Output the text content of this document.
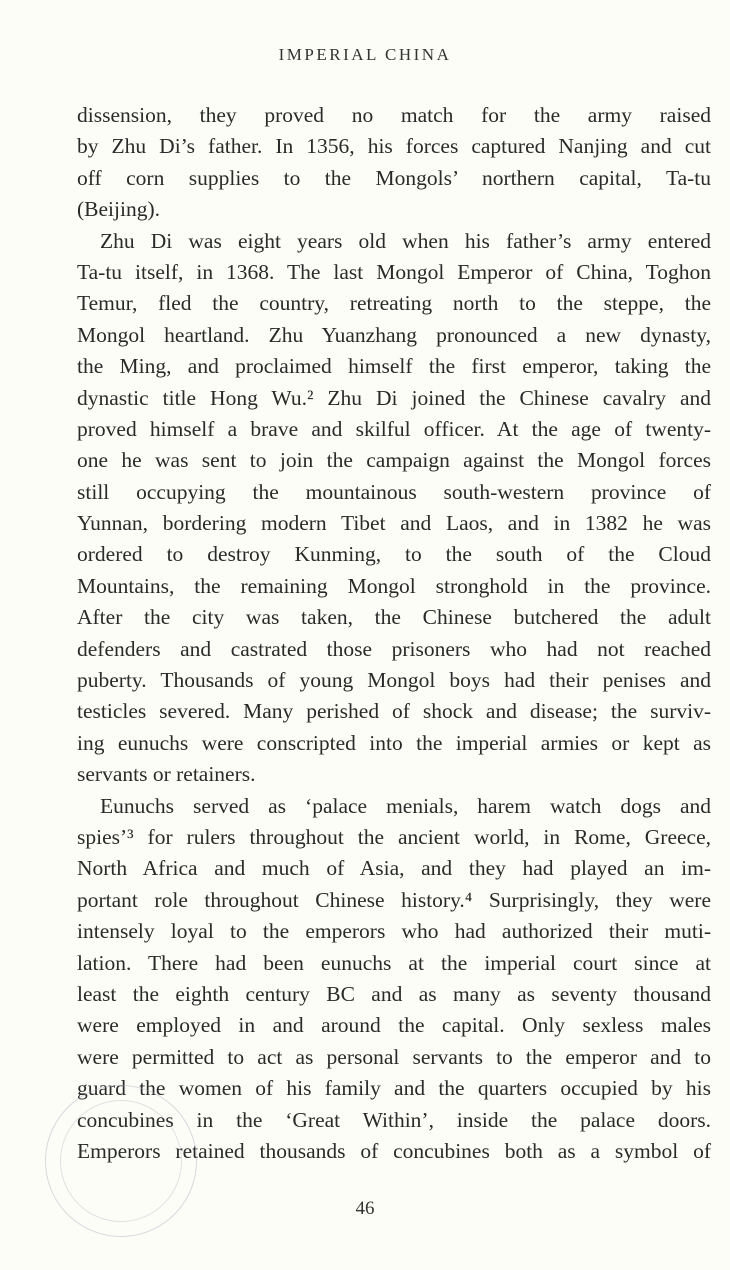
IMPERIAL CHINA
dissension, they proved no match for the army raised
by Zhu Di’s father. In 1356, his forces captured Nanjing and cut
off corn supplies to the Mongols’ northern capital, Ta-tu
(Beijing).
Zhu Di was eight years old when his father’s army entered
Ta-tu itself, in 1368. The last Mongol Emperor of China, Toghon
Temur, fled the country, retreating north to the steppe, the
Mongol heartland. Zhu Yuanzhang pronounced a new dynasty,
the Ming, and proclaimed himself the first emperor, taking the
dynastic title Hong Wu.² Zhu Di joined the Chinese cavalry and
proved himself a brave and skilful officer. At the age of twenty-
one he was sent to join the campaign against the Mongol forces
still occupying the mountainous south-western province of
Yunnan, bordering modern Tibet and Laos, and in 1382 he was
ordered to destroy Kunming, to the south of the Cloud
Mountains, the remaining Mongol stronghold in the province.
After the city was taken, the Chinese butchered the adult
defenders and castrated those prisoners who had not reached
puberty. Thousands of young Mongol boys had their penises and
testicles severed. Many perished of shock and disease; the surviv-
ing eunuchs were conscripted into the imperial armies or kept as
servants or retainers.
Eunuchs served as ‘palace menials, harem watch dogs and
spies’³ for rulers throughout the ancient world, in Rome, Greece,
North Africa and much of Asia, and they had played an im-
portant role throughout Chinese history.⁴ Surprisingly, they were
intensely loyal to the emperors who had authorized their muti-
lation. There had been eunuchs at the imperial court since at
least the eighth century BC and as many as seventy thousand
were employed in and around the capital. Only sexless males
were permitted to act as personal servants to the emperor and to
guard the women of his family and the quarters occupied by his
concubines in the ‘Great Within’, inside the palace doors.
Emperors retained thousands of concubines both as a symbol of
46
